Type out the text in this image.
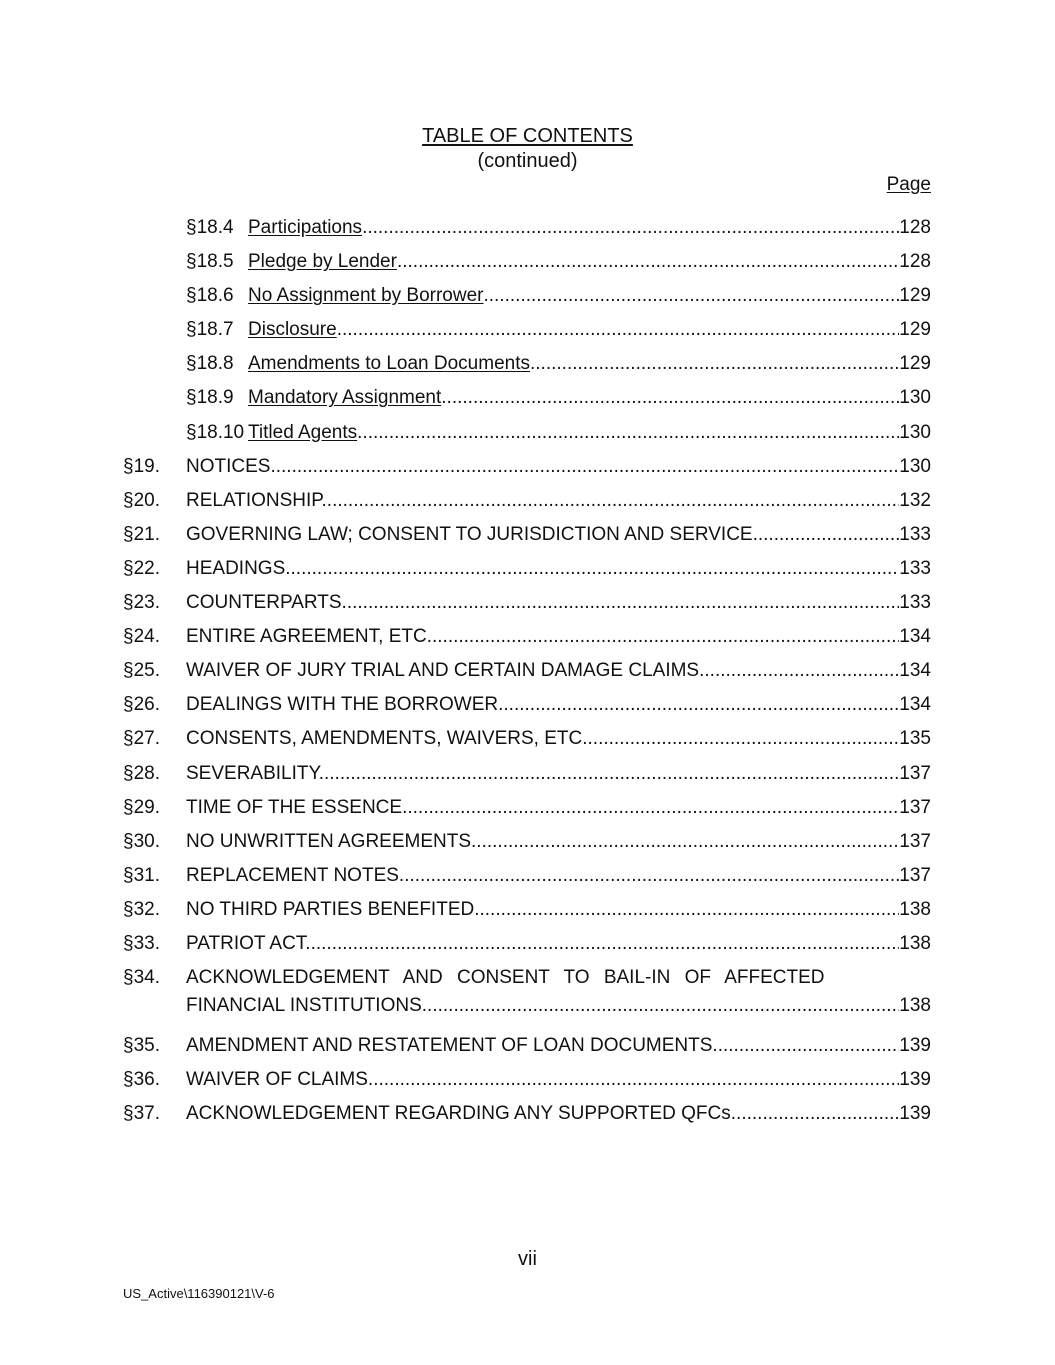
TABLE OF CONTENTS
(continued)
Page
§18.4 Participations .....	128
§18.5 Pledge by Lender .....	128
§18.6 No Assignment by Borrower .....	129
§18.7 Disclosure .....	129
§18.8 Amendments to Loan Documents .....	129
§18.9 Mandatory Assignment .....	130
§18.10 Titled Agents .....	130
§19.	NOTICES. .....	130
§20.	RELATIONSHIP. .....	132
§21.	GOVERNING LAW; CONSENT TO JURISDICTION AND SERVICE. .....	133
§22.	HEADINGS. .....	133
§23.	COUNTERPARTS. .....	133
§24.	ENTIRE AGREEMENT, ETC. .....	134
§25.	WAIVER OF JURY TRIAL AND CERTAIN DAMAGE CLAIMS. .....	134
§26.	DEALINGS WITH THE BORROWER. .....	134
§27.	CONSENTS, AMENDMENTS, WAIVERS, ETC. .....	135
§28.	SEVERABILITY. .....	137
§29.	TIME OF THE ESSENCE. .....	137
§30.	NO UNWRITTEN AGREEMENTS. .....	137
§31.	REPLACEMENT NOTES. .....	137
§32.	NO THIRD PARTIES BENEFITED. .....	138
§33.	PATRIOT ACT. .....	138
§34.	ACKNOWLEDGEMENT AND CONSENT TO BAIL-IN OF AFFECTED
FINANCIAL INSTITUTIONS. .....	138
§35.	AMENDMENT AND RESTATEMENT OF LOAN DOCUMENTS. .....	139
§36.	WAIVER OF CLAIMS. .....	139
§37.	ACKNOWLEDGEMENT REGARDING ANY SUPPORTED QFCs. .....	139
vii
US_Active\116390121\V-6
